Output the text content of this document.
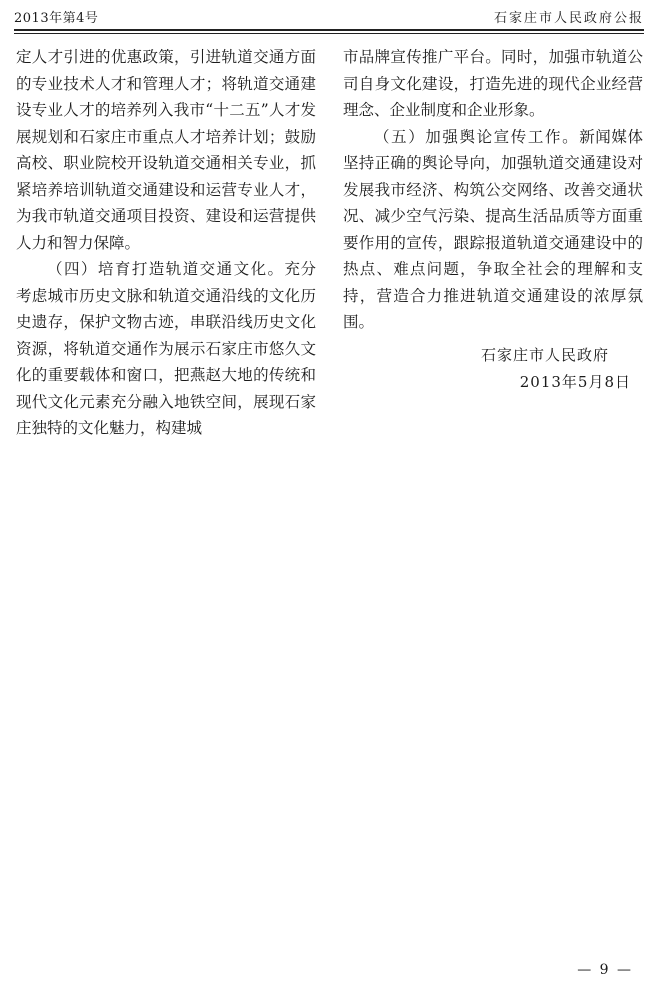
2013年第4号	石家庄市人民政府公报

定人才引进的优惠政策，引进轨道交通方面的专业技术人才和管理人才；将轨道交通建设专业人才的培养列入我市“十二五”人才发展规划和石家庄市重点人才培养计划；鼓励高校、职业院校开设轨道交通相关专业，抓紧培养培训轨道交通建设和运营专业人才，为我市轨道交通项目投资、建设和运营提供人力和智力保障。

（四）培育打造轨道交通文化。充分考虑城市历史文脉和轨道交通沿线的文化历史遗存，保护文物古迹，串联沿线历史文化资源，将轨道交通作为展示石家庄市悠久文化的重要载体和窗口，把燕赵大地的传统和现代文化元素充分融入地铁空间，展现石家庄独特的文化魅力，构建城

市品牌宣传推广平台。同时，加强市轨道公司自身文化建设，打造先进的现代企业经营理念、企业制度和企业形象。

（五）加强舆论宣传工作。新闻媒体坚持正确的舆论导向，加强轨道交通建设对发展我市经济、构筑公交网络、改善交通状况、减少空气污染、提高生活品质等方面重要作用的宣传，跟踪报道轨道交通建设中的热点、难点问题，争取全社会的理解和支持，营造合力推进轨道交通建设的浓厚氛围。

石家庄市人民政府
2013年5月8日
— 9 —
